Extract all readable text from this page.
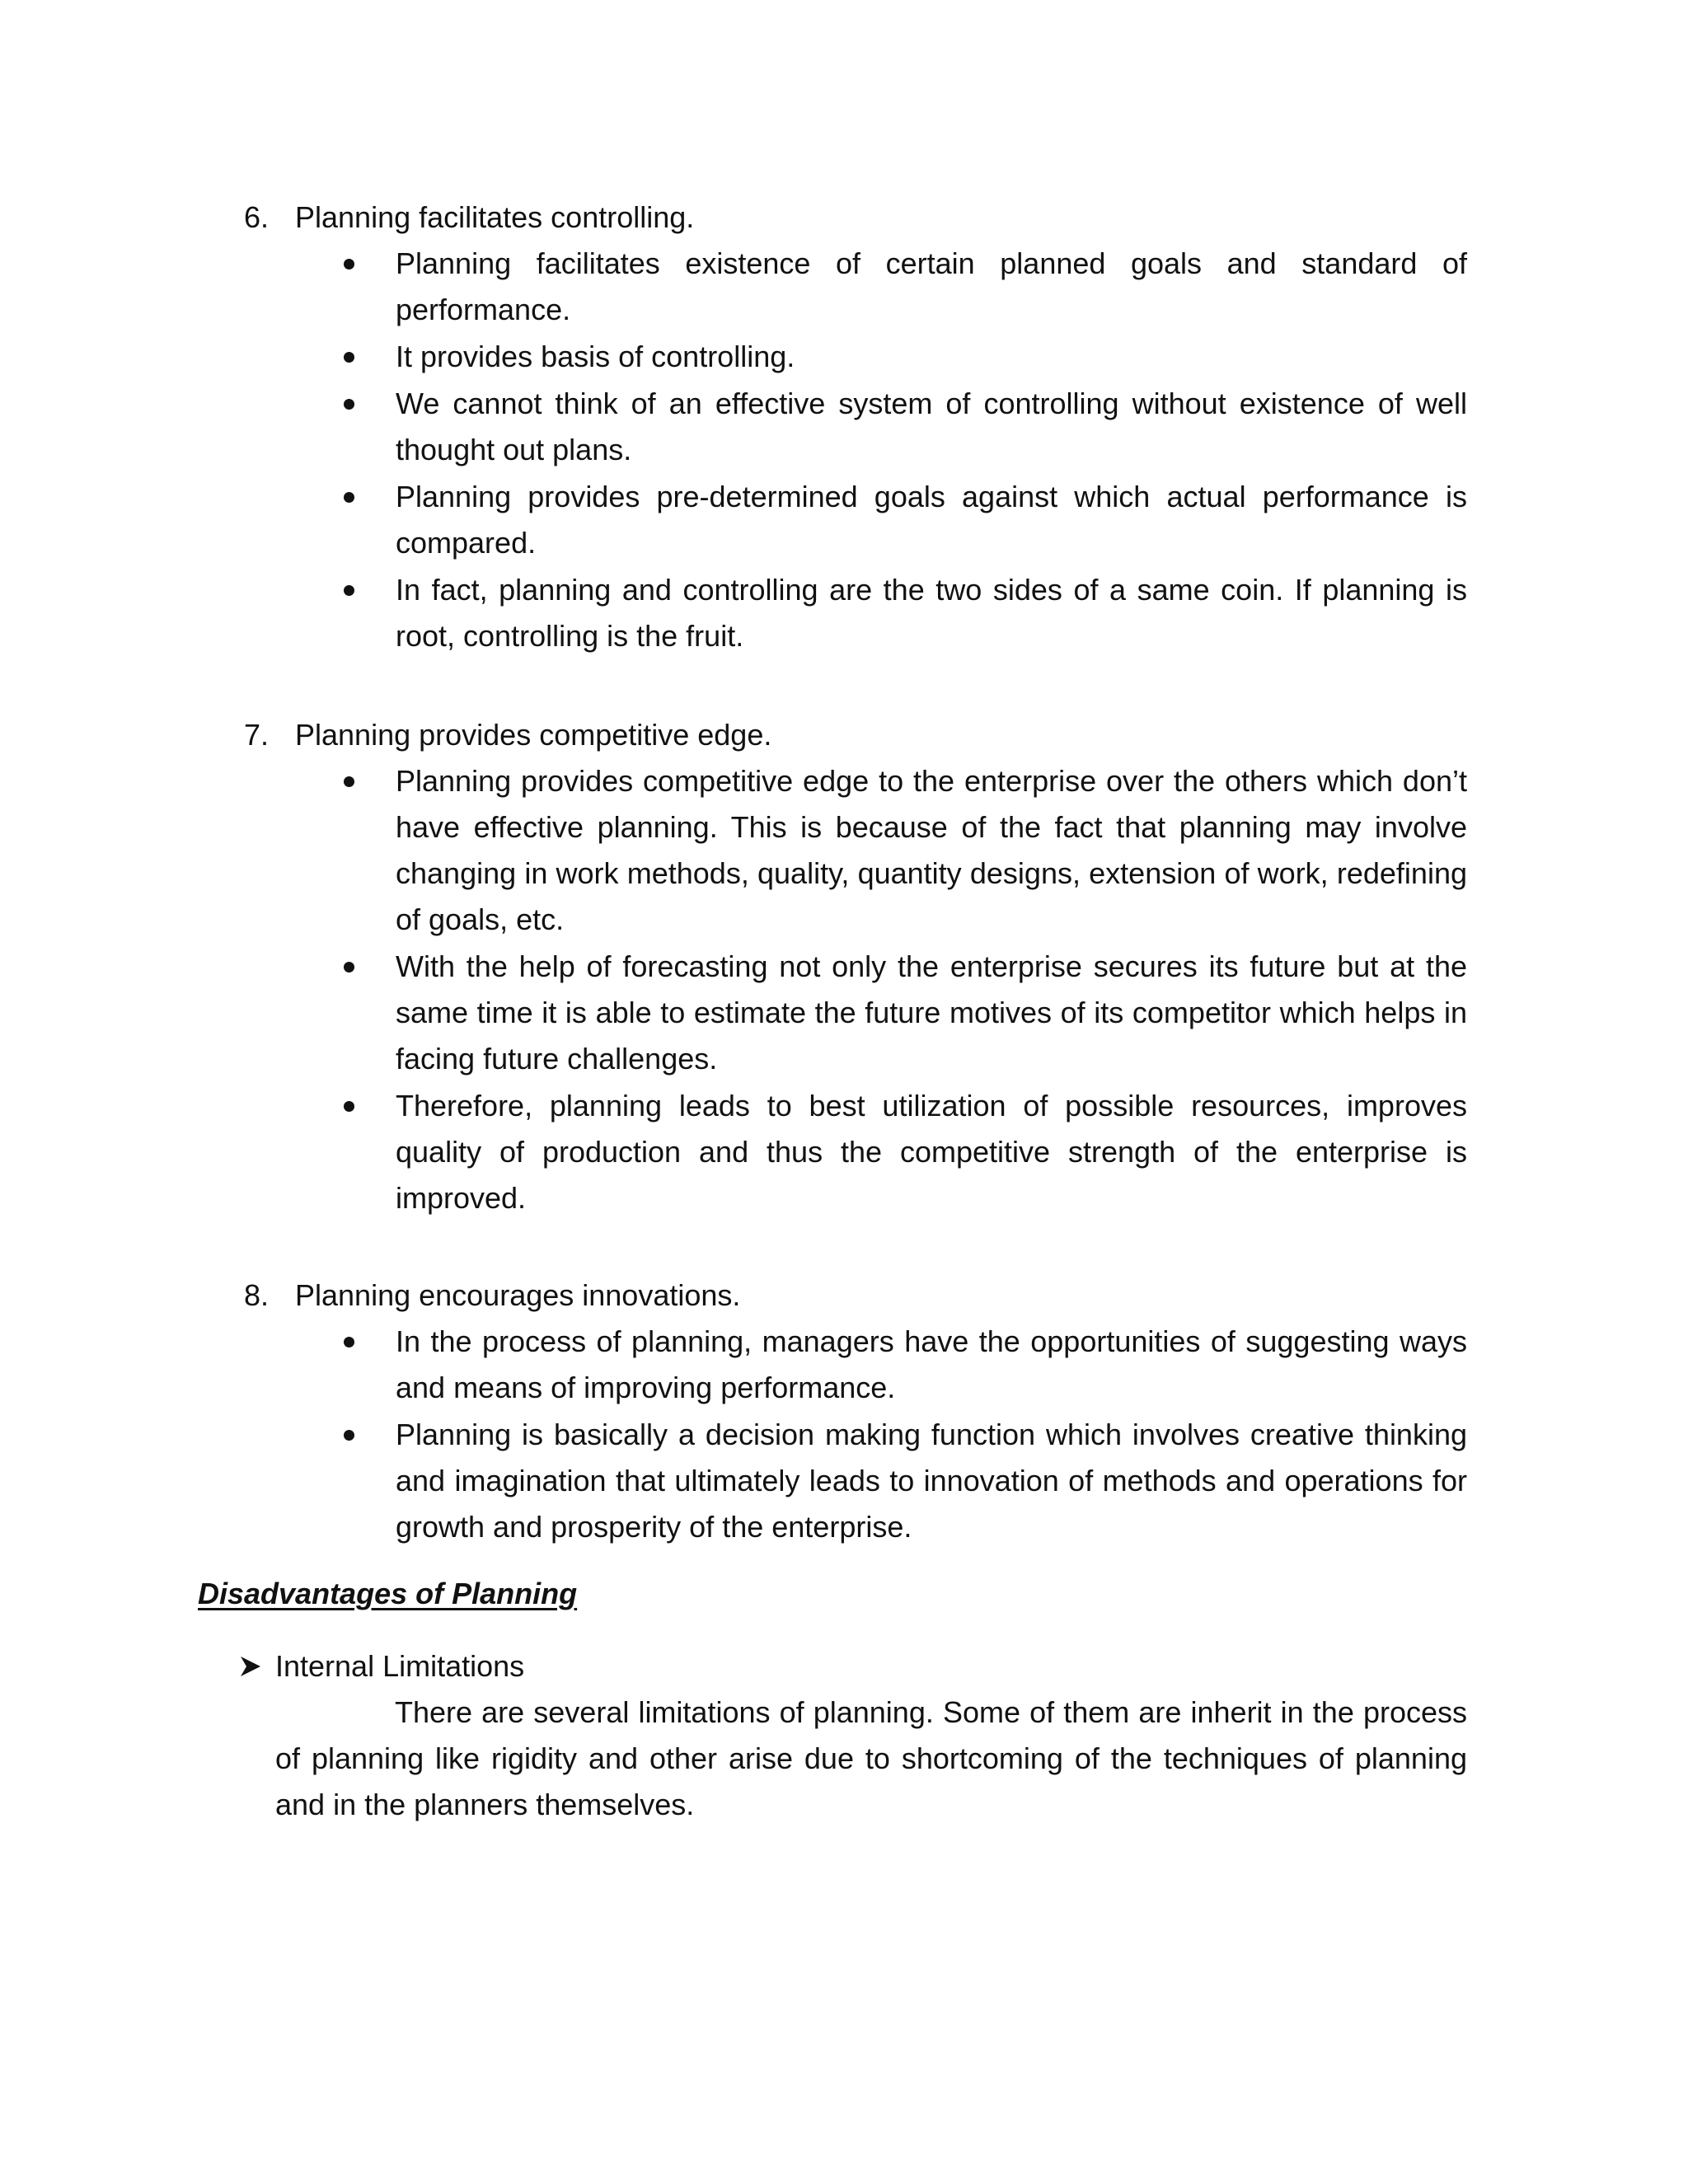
6. Planning facilitates controlling.
Planning facilitates existence of certain planned goals and standard of performance.
It provides basis of controlling.
We cannot think of an effective system of controlling without existence of well thought out plans.
Planning provides pre-determined goals against which actual performance is compared.
In fact, planning and controlling are the two sides of a same coin. If planning is root, controlling is the fruit.
7. Planning provides competitive edge.
Planning provides competitive edge to the enterprise over the others which don’t have effective planning. This is because of the fact that planning may involve changing in work methods, quality, quantity designs, extension of work, redefining of goals, etc.
With the help of forecasting not only the enterprise secures its future but at the same time it is able to estimate the future motives of its competitor which helps in facing future challenges.
Therefore, planning leads to best utilization of possible resources, improves quality of production and thus the competitive strength of the enterprise is improved.
8. Planning encourages innovations.
In the process of planning, managers have the opportunities of suggesting ways and means of improving performance.
Planning is basically a decision making function which involves creative thinking and imagination that ultimately leads to innovation of methods and operations for growth and prosperity of the enterprise.
Disadvantages of Planning
Internal Limitations
There are several limitations of planning. Some of them are inherit in the process of planning like rigidity and other arise due to shortcoming of the techniques of planning and in the planners themselves.
